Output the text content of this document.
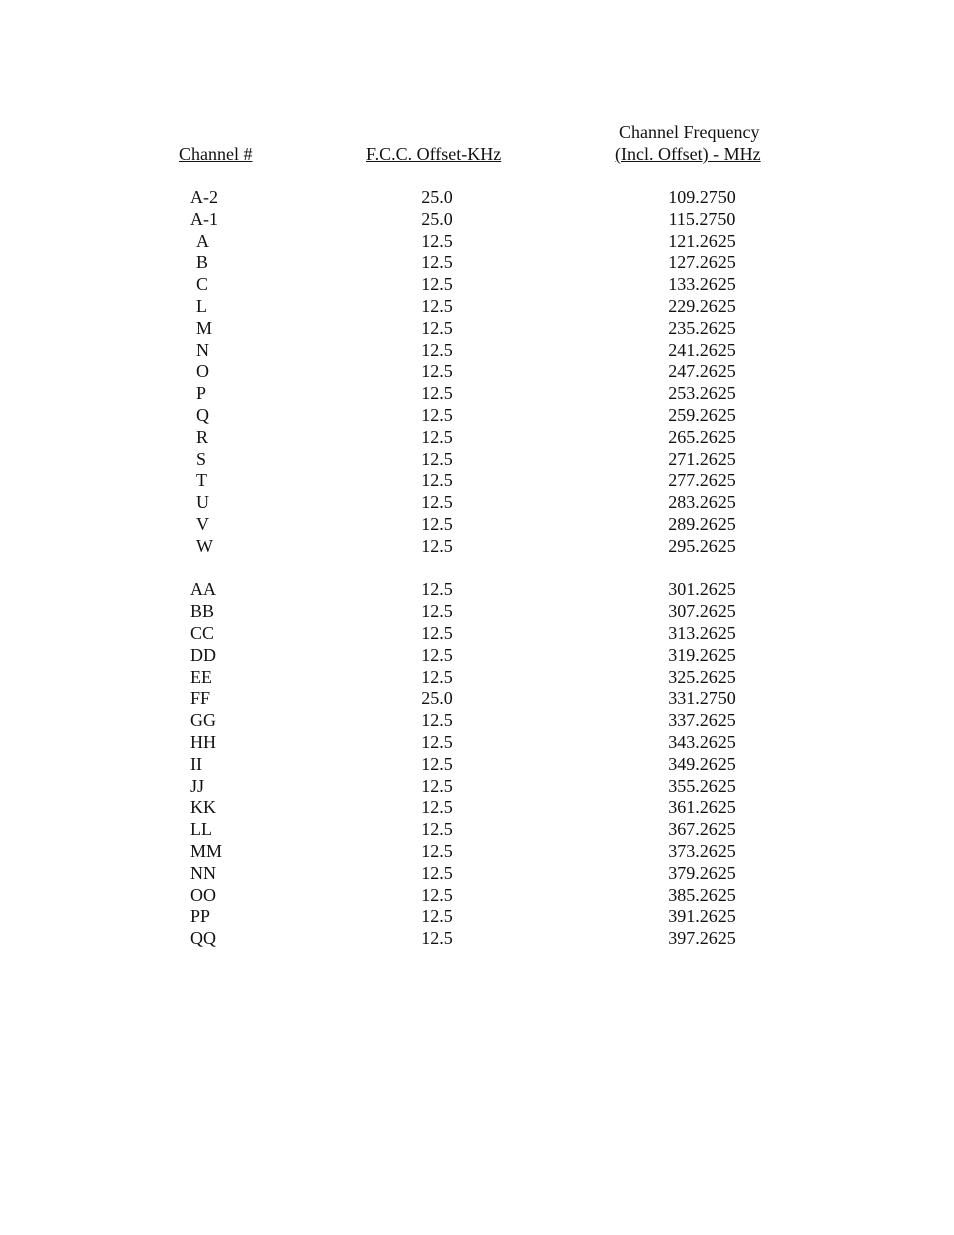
Channel #	F.C.C. Offset-KHz
Channel Frequency
(Incl. Offset) - MHz
A-2	25.0	109.2750
A-1	25.0	115.2750
A	12.5	121.2625
B	12.5	127.2625
C	12.5	133.2625
L	12.5	229.2625
M	12.5	235.2625
N	12.5	241.2625
O	12.5	247.2625
P	12.5	253.2625
Q	12.5	259.2625
R	12.5	265.2625
S	12.5	271.2625
T	12.5	277.2625
U	12.5	283.2625
V	12.5	289.2625
W	12.5	295.2625
AA	12.5	301.2625
BB	12.5	307.2625
CC	12.5	313.2625
DD	12.5	319.2625
EE	12.5	325.2625
FF	25.0	331.2750
GG	12.5	337.2625
HH	12.5	343.2625
II	12.5	349.2625
JJ	12.5	355.2625
KK	12.5	361.2625
LL	12.5	367.2625
MM	12.5	373.2625
NN	12.5	379.2625
OO	12.5	385.2625
PP	12.5	391.2625
QQ	12.5	397.2625
